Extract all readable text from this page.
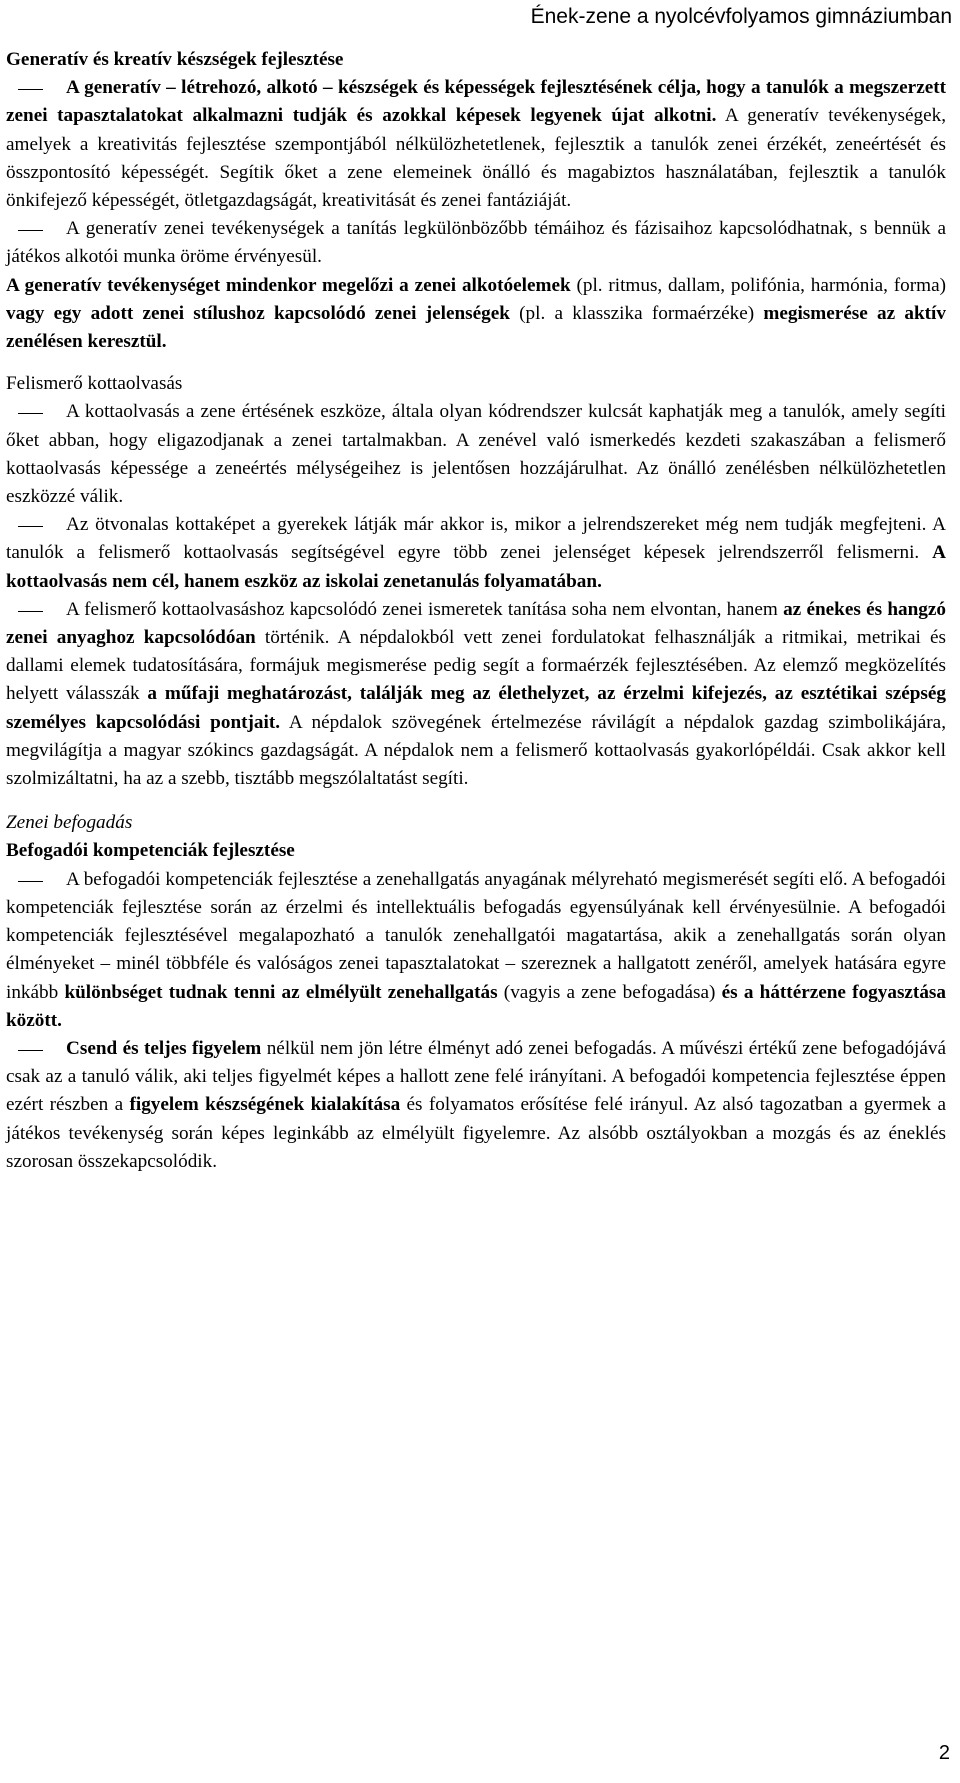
Ének-zene a nyolcévfolyamos gimnáziumban

Generatív és kreatív készségek fejlesztése

A generatív – létrehozó, alkotó – készségek és képességek fejlesztésének célja, hogy a tanulók a megszerzett zenei tapasztalatokat alkalmazni tudják és azokkal képesek legyenek újat alkotni. A generatív tevékenységek, amelyek a kreativitás fejlesztése szempontjából nélkülözhetetlenek, fejlesztik a tanulók zenei érzékét, zeneértését és összpontosító képességét. Segítik őket a zene elemeinek önálló és magabiztos használatában, fejlesztik a tanulók önkifejező képességét, ötletgazdagságát, kreativitását és zenei fantáziáját.

A generatív zenei tevékenységek a tanítás legkülönbözőbb témáihoz és fázisaihoz kapcsolódhatnak, s bennük a játékos alkotói munka öröme érvényesül.

A generatív tevékenységet mindenkor megelőzi a zenei alkotóelemek (pl. ritmus, dallam, polifónia, harmónia, forma) vagy egy adott zenei stílushoz kapcsolódó zenei jelenségek (pl. a klasszika formaérzéke) megismerése az aktív zenélésen keresztül.

Felismerő kottaolvasás

A kottaolvasás a zene értésének eszköze, általa olyan kódrendszer kulcsát kaphatják meg a tanulók, amely segíti őket abban, hogy eligazodjanak a zenei tartalmakban. A zenével való ismerkedés kezdeti szakaszában a felismerő kottaolvasás képessége a zeneértés mélységeihez is jelentősen hozzájárulhat. Az önálló zenélésben nélkülözhetetlen eszközzé válik.

Az ötvonalas kottaképet a gyerekek látják már akkor is, mikor a jelrendszereket még nem tudják megfejteni. A tanulók a felismerő kottaolvasás segítségével egyre több zenei jelenséget képesek jelrendszerről felismerni. A kottaolvasás nem cél, hanem eszköz az iskolai zenetanulás folyamatában.

A felismerő kottaolvasáshoz kapcsolódó zenei ismeretek tanítása soha nem elvontan, hanem az énekes és hangzó zenei anyaghoz kapcsolódóan történik. A népdalokból vett zenei fordulatokat felhasználják a ritmikai, metrikai és dallami elemek tudatosítására, formájuk megismerése pedig segít a formaérzék fejlesztésében. Az elemző megközelítés helyett válasszák a műfaji meghatározást, találják meg az élethelyzet, az érzelmi kifejezés, az esztétikai szépség személyes kapcsolódási pontjait. A népdalok szövegének értelmezése rávilágít a népdalok gazdag szimbolikájára, megvilágítja a magyar szókincs gazdagságát. A népdalok nem a felismerő kottaolvasás gyakorlópéldái. Csak akkor kell szolmizáltatni, ha az a szebb, tisztább megszólaltatást segíti.

Zenei befogadás

Befogadói kompetenciák fejlesztése

A befogadói kompetenciák fejlesztése a zenehallgatás anyagának mélyreható megismerését segíti elő. A befogadói kompetenciák fejlesztése során az érzelmi és intellektuális befogadás egyensúlyának kell érvényesülnie. A befogadói kompetenciák fejlesztésével megalapozható a tanulók zenehallgatói magatartása, akik a zenehallgatás során olyan élményeket – minél többféle és valóságos zenei tapasztalatokat – szereznek a hallgatott zenéről, amelyek hatására egyre inkább különbséget tudnak tenni az elmélyült zenehallgatás (vagyis a zene befogadása) és a háttérzene fogyasztása között.

Csend és teljes figyelem nélkül nem jön létre élményt adó zenei befogadás. A művészi értékű zene befogadójává csak az a tanuló válik, aki teljes figyelmét képes a hallott zene felé irányítani. A befogadói kompetencia fejlesztése éppen ezért részben a figyelem készségének kialakítása és folyamatos erősítése felé irányul. Az alsó tagozatban a gyermek a játékos tevékenység során képes leginkább az elmélyült figyelemre. Az alsóbb osztályokban a mozgás és az éneklés szorosan összekapcsolódik.

2
